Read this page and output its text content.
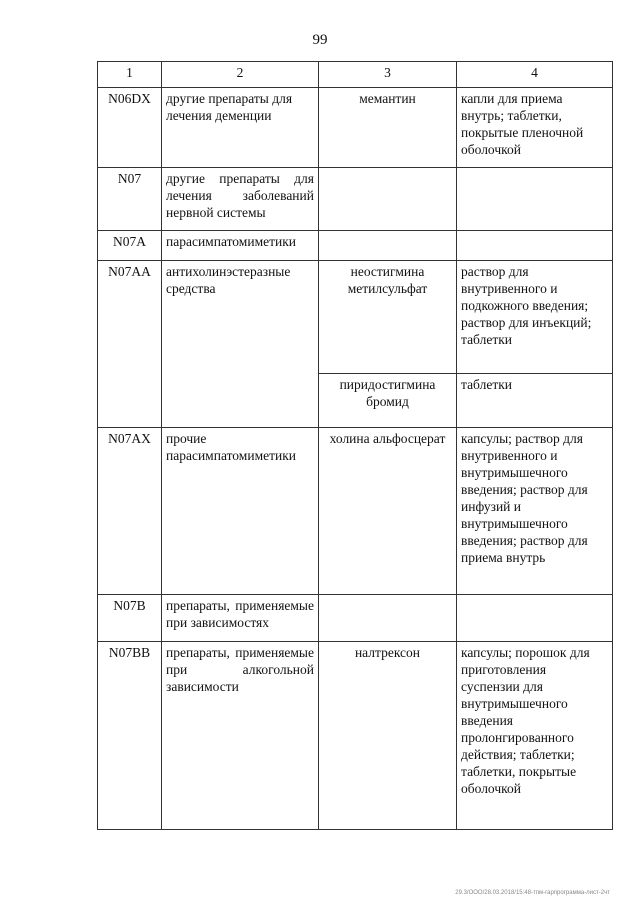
99
1	2	3	4
N06DX	другие препараты для лечения деменции	мемантин	капли для приема внутрь; таблетки, покрытые пленочной оболочкой
N07	другие препараты для лечения заболеваний нервной системы		
N07A	парасимпатомиметики		
N07AA	антихолинэстеразные средства	неостигмина метилсульфат	раствор для внутривенного и подкожного введения; раствор для инъекций; таблетки
		пиридостигмина бромид	таблетки
N07AX	прочие парасимпатомиметики	холина альфосцерат	капсулы; раствор для внутривенного и внутримышечного введения; раствор для инфузий и внутримышечного введения; раствор для приема внутрь
N07B	препараты, применяемые при зависимостях		
N07BB	препараты, применяемые при алкогольной зависимости	налтрексон	капсулы; порошок для приготовления суспензии для внутримышечного введения пролонгированного действия; таблетки; таблетки, покрытые оболочкой
29.3/ООО/28.03.2018/15:48-тпм-гарпрограмма-лист-2чт
